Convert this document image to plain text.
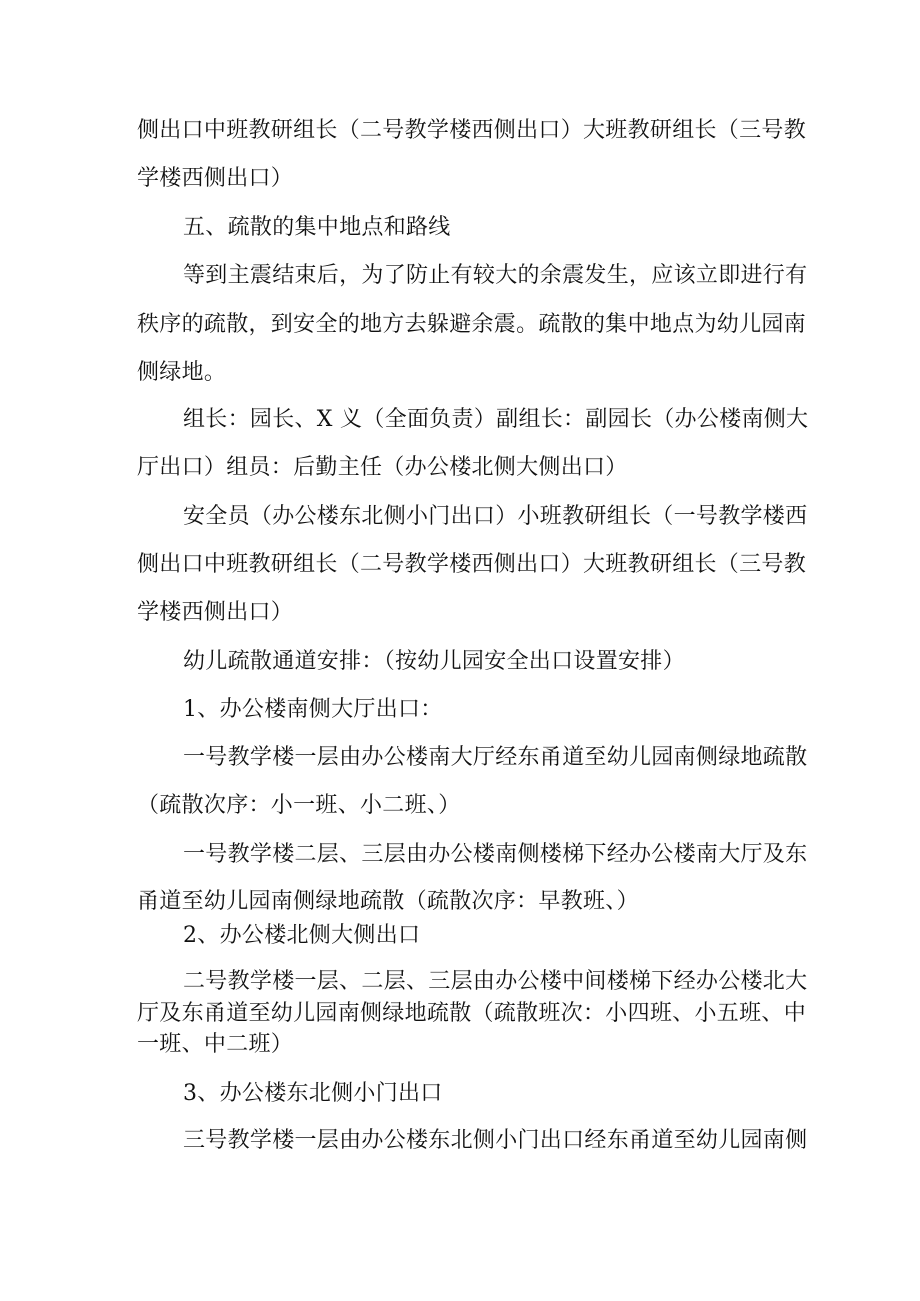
侧出口中班教研组长（二号教学楼西侧出口）大班教研组长（三号教
学楼西侧出口）
五、疏散的集中地点和路线
等到主震结束后，为了防止有较大的余震发生，应该立即进行有
秩序的疏散，到安全的地方去躲避余震。疏散的集中地点为幼儿园南
侧绿地。
组长：园长、X 义（全面负责）副组长：副园长（办公楼南侧大
厅出口）组员：后勤主任（办公楼北侧大侧出口）
安全员（办公楼东北侧小门出口）小班教研组长（一号教学楼西
侧出口中班教研组长（二号教学楼西侧出口）大班教研组长（三号教
学楼西侧出口）
幼儿疏散通道安排：（按幼儿园安全出口设置安排）
1、办公楼南侧大厅出口：
一号教学楼一层由办公楼南大厅经东甬道至幼儿园南侧绿地疏散
（疏散次序：小一班、小二班、）
一号教学楼二层、三层由办公楼南侧楼梯下经办公楼南大厅及东
甬道至幼儿园南侧绿地疏散（疏散次序：早教班、）
2、办公楼北侧大侧出口
二号教学楼一层、二层、三层由办公楼中间楼梯下经办公楼北大
厅及东甬道至幼儿园南侧绿地疏散（疏散班次：小四班、小五班、中
一班、中二班）
3、办公楼东北侧小门出口
三号教学楼一层由办公楼东北侧小门出口经东甬道至幼儿园南侧
